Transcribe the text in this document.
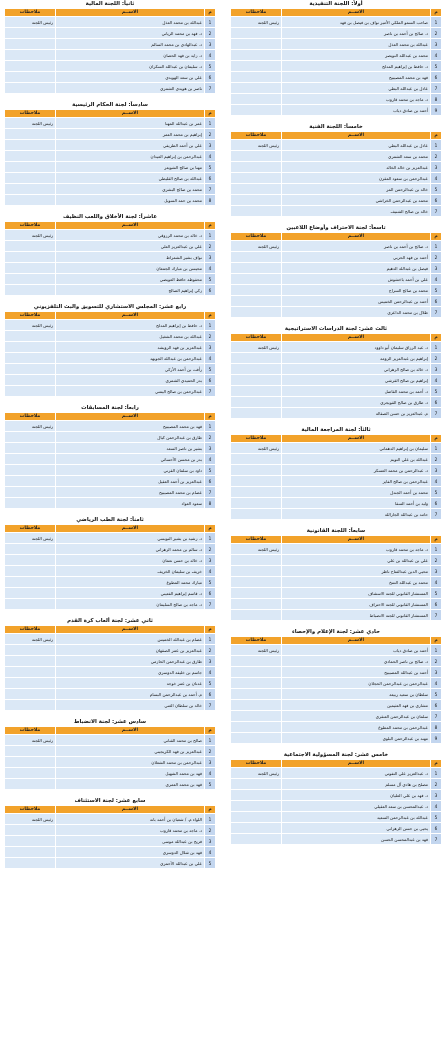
أولاً: اللجنة التنفيذية
م	الاســم	ملاحظات
1	صاحب السمو الملكي الأمير نواف بن فيصل بن فهد	رئيس اللجنة
2	د. صالح بن أحمد بن ناصر	
3	عبدالله بن محمد العذل	
4	محمد بن عبدالله النويصر	
5	د. حافظ بن إبراهيم المدلج	
6	فهد بن محمد المصيبيح	
7	عادل بن عبدالله البطي	
8	د. ماجد بن محمد قاروب	
9	أحمد بن صادق دياب	
خامساً: اللجنة الفنية
م	الاســم	ملاحظات
1	عادل بن عبدالله البطي	رئيس اللجنة
2	محمد بن سعد الشمري	
3	عبدالعزيز بن خالد الخالد	
4	عبدالرحمن بن سعود المقرن	
5	خالد بن عبدالرحمن المر	
6	محمد بن عبدالرحمن الخراشي	
7	خالد بن صالح الشنيف	
تاسعاً: لجنة الاحتراف وأوضاع اللاعبين
م	الاســم	ملاحظات
1	د. صالح بن أحمد بن ناصر	رئيس اللجنة
2	أحمد بن فهد الحربي	
3	فيصل بن عبدالله الدهيم	
4	علي بن أحمد باخشوش	
5	محمد بن صالح السراج	
6	أحمد بن عبدالرحمن الخميس	
7	طلال بن محمد الداعري	
ثالث عشر: لجنة الدراسات الاستراتيجية
م	الاســم	ملاحظات
1	د. عبد الرزاق سليمان أبو داوود	رئيس اللجنة
2	إبراهيم بن عبدالعزيز الزومة	
3	د. خالد بن صالح الزهراني	
4	إبراهيم بن صالح القرشي	
5	د. أحمد بن محمد القاضل	
6	د. طارق بن صالح القويجري	
7	م. عبدالعزيز بن حسن الصقالة	
ثالثاً: لجنة المراجعة المالية
م	الاســم	ملاحظات
1	سليمان بن إبراهيم الدهماني	رئيس اللجنة
2	عبدالله بن علي التويم	
3	د. عبدالرحمن بن محمد العسكر	
4	عبدالرحمن بن صالح الفايز	
5	محمد بن أحمد الجندل	
6	وليد بن أحمد السقا	
7	حامد بن عبدالله الجارالله	
سابعاً: اللجنة القانونية
م	الاســم	ملاحظات
1	د. ماجد بن محمد قاروب	رئيس اللجنة
2	علي بن عبدالله بن علي	
3	محيي الدين عبدالفتاح ناظر	
4	محمد بن عبدالله التتنخ	
5	المستشار القانوني للجنة الاستئناف	
6	المستشار القانوني للجنة الاحتراف	
7	المستشار القانوني للجنة الانضباط	
حادي عشر: لجنة الإعلام والإحصاء
م	الاســم	ملاحظات
1	أحمد بن صادق دياب	رئيس اللجنة
2	د. صالح بن ناصر الحمادي	
3	أحمد بن عبدالله المصيبيح	
4	عبدالرحمن بن عبدالرحمن الحجلان	
5	سلطان بن سعيد ربيعة	
6	مشاري بن فهد العثيمين	
7	سلمان بن عبدالرحمن العنقري	
8	عبدالرحمن بن محمد المطوع	
9	مهند بن عبدالرحمن البلوي	
خامس عشر: لجنة المسؤولية الاجتماعية
م	الاســم	ملاحظات
1	د. عبدالعزيز علي التفوتي	رئيس اللجنة
2	مصلح بن هادي آل مسلم	
3	د. فهد بن علي العليان	
4	د. عبدالمحسن بن سعد العقيلي	
5	عبدالله بن عبدالرحمن السعيد	
6	يحيى بن حسن الزهراني	
7	فهد بن عبدالمحسن الحسن	
ثانياً: اللجنة المالية
م	الاســم	ملاحظات
1	عبدالله بن محمد العذل	رئيس اللجنة
2	د. فهد بن محمد الرياني	
3	د. عبدالهادي بن محمد السالم	
4	د. زايد بن فهد الحصان	
5	د. سليمان بن عبدالله السكران	
6	علي بن سعد الهويدي	
7	ناصر بن هويدي الشمري	
سادساً: لجنة الحكام الرئيسية
م	الاســم	ملاحظات
1	عمر بن عبدالله المهنا	رئيس اللجنة
2	إبراهيم بن محمد العمر	
3	علي بن أحمد الطريفي	
4	عبدالرحمن بن إبراهيم العيدان	
5	مهنا بن صالح الشويعر	
6	عبدالله بن صالح القليطي	
7	محمد بن صالح البشري	
8	محمد بن حمد السويل	
عاشراً: لجنة الأخلاق واللعب النظيف
م	الاســم	ملاحظات
1	د. خالد بن محمد الرزوقي	رئيس اللجنة
2	علي بن عبدالعزيز العلي	
3	نواف بشير الشمراط	
4	محيسن بن مبارك الجمعان	
5	محفوظة حافظ العويضي	
6	زكي إبراهيم الصالح	
رابع عشر: المجلس الاستشاري للتسويق والبث التلفزيوني
م	الاســم	ملاحظات
1	د. حافظ بن إبراهيم المدلج	رئيس اللجنة
2	عبدالله بن محمد الشغيل	
3	عبدالعزيز بن فهد الرويشد	
4	عبدالرحمن بن عبدالله الجويهد	
5	رأفت بن أحمد الأركي	
6	بدر الحميدي الشمري	
7	عبدالرحمن بن صالح اليمني	
رابعاً: لجنة المسابقات
م	الاســم	ملاحظات
1	فهد بن محمد المصيبيح	رئيس اللجنة
2	طارق بن عبدالرحمن كيال	
3	بشير بن ناصر السعد	
4	بدر بن محسن الأحسائي	
5	داود بن سلمان القرني	
6	عبدالعزيز بن أحمد العقيل	
7	عصام بن محمد المصيبيح	
8	سعود العواد	
ثامناً: لجنة الطب الرياضي
م	الاســم	ملاحظات
1	د. رشيد بن بشير النويسي	رئيس اللجنة
2	د. سالم بن محمد الزهراني	
3	د. خالد بن حسن نعمان	
4	خريف بن سليمان الخريف	
5	مبارك محمد المطوع	
6	د. قاسم إبراهيم الفعيني	
7	د. ماجد بن صالح السليمان	
ثاني عشر: لجنة ألعاب كرة القدم
م	الاســم	ملاحظات
1	عصام بن عبدالله الخميس	رئيس اللجنة
2	عبدالعزيز بن عمر الصقهان	
3	طارق بن عبدالرحمن الحازمي	
4	جاسم بن خليفة الدوسري	
5	عدنان بن عمر خوجه	
6	م. أحمد بن عبدالرحمن البسام	
7	خالد بن سلطان الغني	
سادس عشر: لجنة الانضباط
م	الاســم	ملاحظات
1	صالح بن محمد القناني	رئيس اللجنة
2	عبدالعزيز بن فهد الكريجيني	
3	عبدالرحمن بن محمد الشعلان	
4	فهد بن محمد الشهيل	
5	فهد بن محمد العمري	
سابع عشر: لجنة الاستئناف
م	الاســم	ملاحظات
1	اللواء م. / شعبان بن أحمد بانه	رئيس اللجنة
2	د. ماجد بن محمد قاروب	
3	فريح بن عبدالله موسى	
4	فهد بن شلال الدوسري	
5	علي بن عبدالله الأحمري	
